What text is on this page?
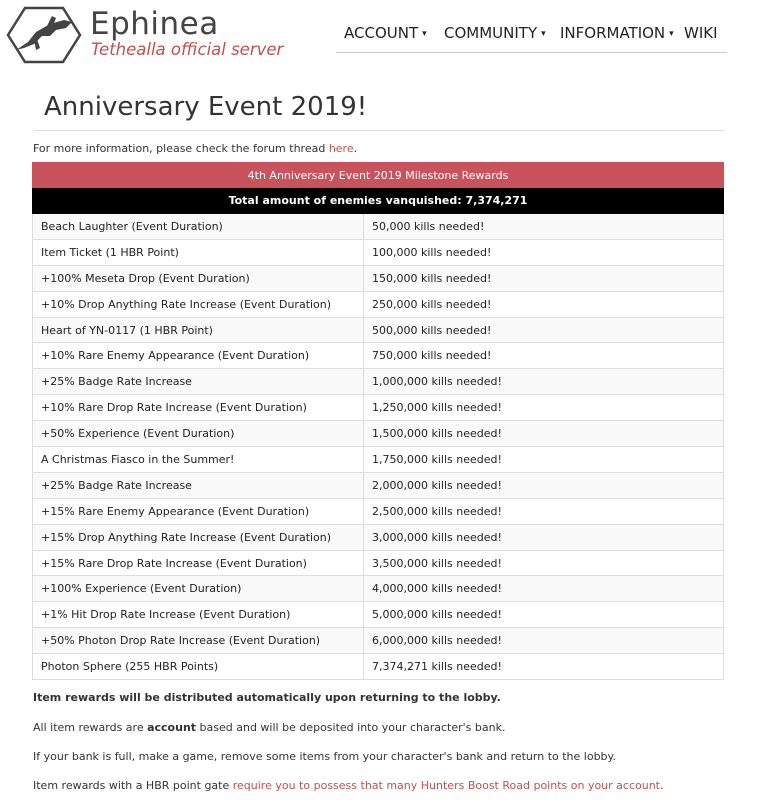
Ephinea
Tethealla official server
ACCOUNT ▾ COMMUNITY ▾ INFORMATION ▾ WIKI
Anniversary Event 2019!
For more information, please check the forum thread here.
4th Anniversary Event 2019 Milestone Rewards	
Total amount of enemies vanquished: 7,374,271	
Beach Laughter (Event Duration)	50,000 kills needed!
Item Ticket (1 HBR Point)	100,000 kills needed!
+100% Meseta Drop (Event Duration)	150,000 kills needed!
+10% Drop Anything Rate Increase (Event Duration)	250,000 kills needed!
Heart of YN-0117 (1 HBR Point)	500,000 kills needed!
+10% Rare Enemy Appearance (Event Duration)	750,000 kills needed!
+25% Badge Rate Increase	1,000,000 kills needed!
+10% Rare Drop Rate Increase (Event Duration)	1,250,000 kills needed!
+50% Experience (Event Duration)	1,500,000 kills needed!
A Christmas Fiasco in the Summer!	1,750,000 kills needed!
+25% Badge Rate Increase	2,000,000 kills needed!
+15% Rare Enemy Appearance (Event Duration)	2,500,000 kills needed!
+15% Drop Anything Rate Increase (Event Duration)	3,000,000 kills needed!
+15% Rare Drop Rate Increase (Event Duration)	3,500,000 kills needed!
+100% Experience (Event Duration)	4,000,000 kills needed!
+1% Hit Drop Rate Increase (Event Duration)	5,000,000 kills needed!
+50% Photon Drop Rate Increase (Event Duration)	6,000,000 kills needed!
Photon Sphere (255 HBR Points)	7,374,271 kills needed!

Item rewards will be distributed automatically upon returning to the lobby.

All item rewards are account based and will be deposited into your character's bank.

If your bank is full, make a game, remove some items from your character's bank and return to the lobby.

Item rewards with a HBR point gate require you to possess that many Hunters Boost Road points on your account.
